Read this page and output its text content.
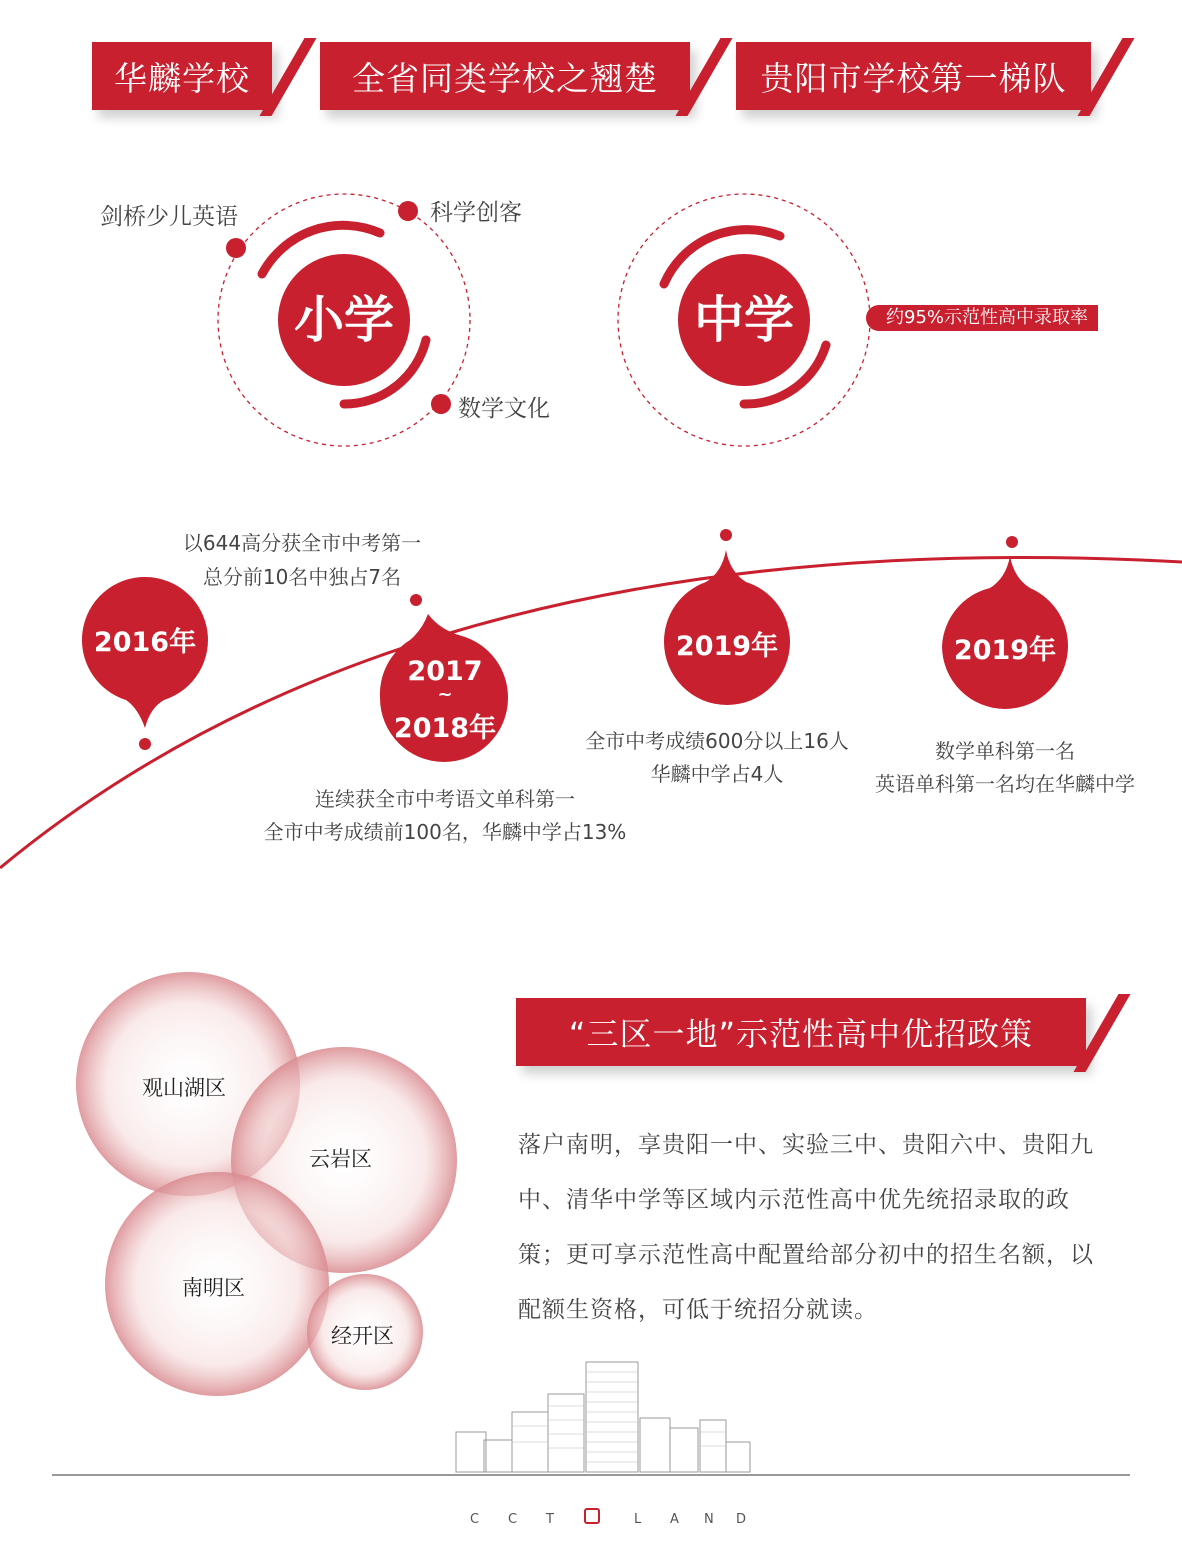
华麟学校	全省同类学校之翘楚	贵阳市学校第一梯队
小学	中学
剑桥少儿英语	科学创客
数学文化
约95%示范性高中录取率
2016年
2017
~
2018年
2019年	2019年
以644高分获全市中考第一
总分前10名中独占7名
连续获全市中考语文单科第一
全市中考成绩前100名，华麟中学占13%
全市中考成绩600分以上16人
华麟中学占4人
数学单科第一名
英语单科第一名均在华麟中学
观山湖区
云岩区
南明区
经开区
“三区一地”示范性高中优招政策
落户南明，享贵阳一中、实验三中、贵阳六中、贵阳九中、清华中学等区域内示范性高中优先统招录取的政策；更可享示范性高中配置给部分初中的招生名额，以配额生资格，可低于统招分就读。
C C T	L A N D
